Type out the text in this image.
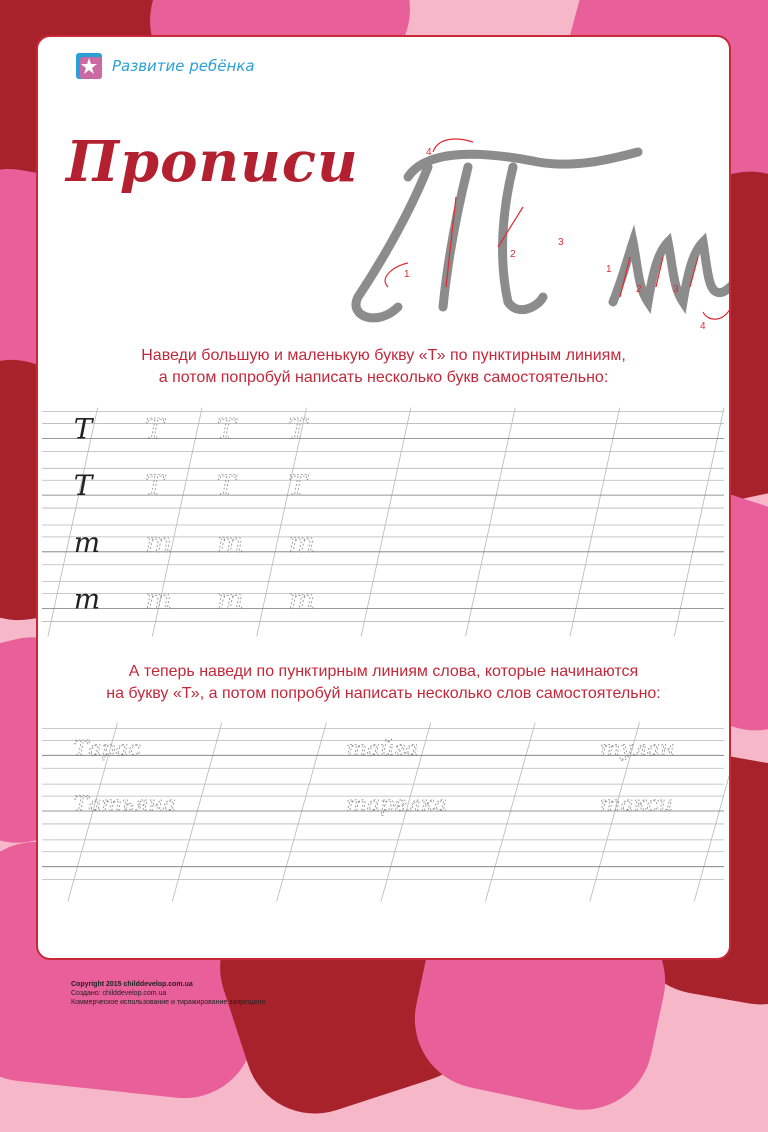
Развитие ребёнка
Прописи
1
2
3
4
1
2	3
4
Наведи большую и маленькую букву «Т» по пунктирным линиям,
а потом попробуй написать несколько букв самостоятельно:
Т Т Т Т
Т Т Т Т
т т т т
т т т т
А теперь наведи по пунктирным линиям слова, которые начинаются
на букву «Т», а потом попробуй написать несколько слов самостоятельно:
Тарас	тайга	тулан
Татьяна	тарелка	такси
Copyright 2015 childdevelop.com.ua
Создано: childdevelop.com.ua
Коммерческое использование и тиражирование запрещено
